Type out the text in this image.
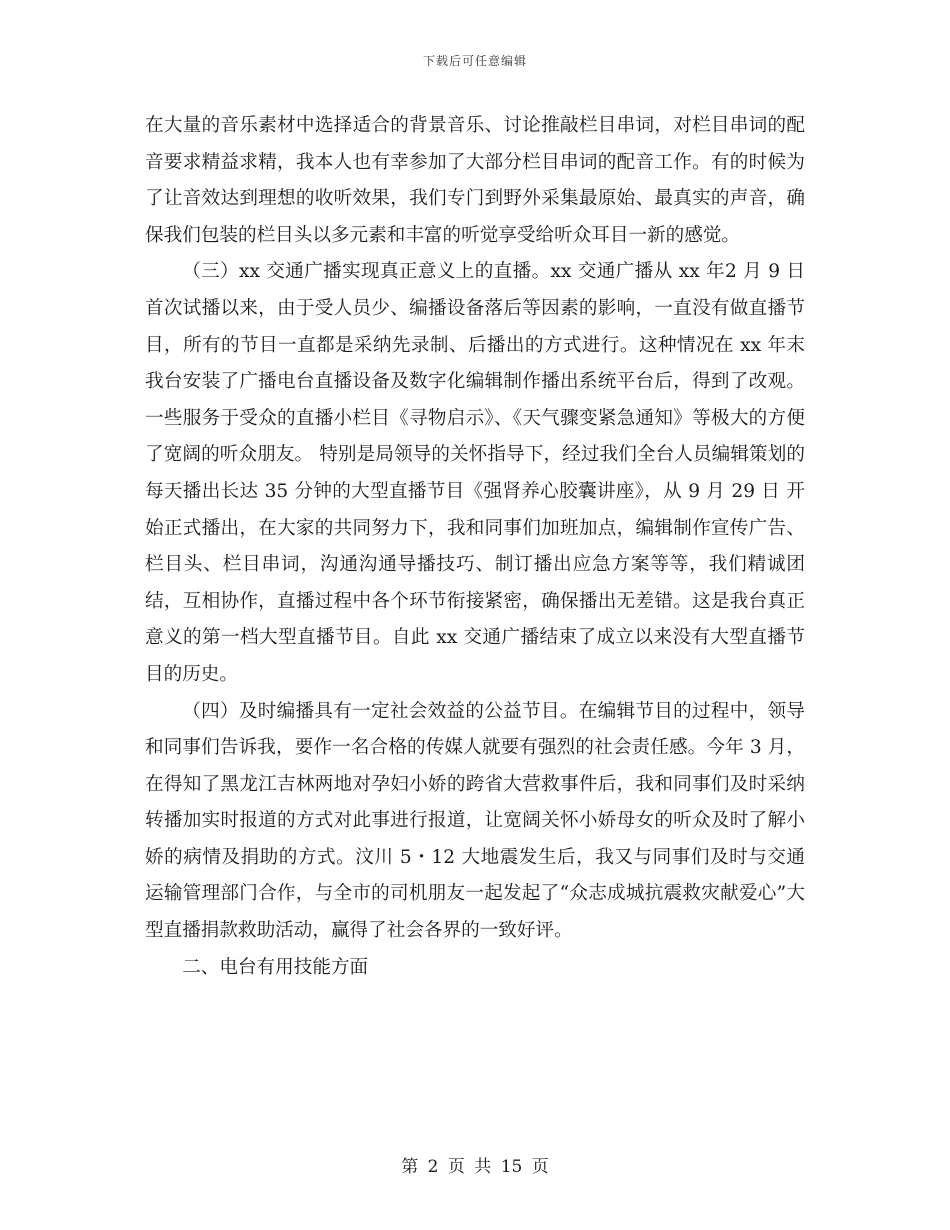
下载后可任意编辑

在大量的音乐素材中选择适合的背景音乐、讨论推敲栏目串词，对栏目串词的配音要求精益求精，我本人也有幸参加了大部分栏目串词的配音工作。有的时候为了让音效达到理想的收听效果，我们专门到野外采集最原始、最真实的声音，确保我们包装的栏目头以多元素和丰富的听觉享受给听众耳目一新的感觉。

（三）xx 交通广播实现真正意义上的直播。xx 交通广播从 xx 年2 月 9 日 首次试播以来，由于受人员少、编播设备落后等因素的影响，一直没有做直播节目，所有的节目一直都是采纳先录制、后播出的方式进行。这种情况在 xx 年末我台安装了广播电台直播设备及数字化编辑制作播出系统平台后，得到了改观。一些服务于受众的直播小栏目《寻物启示》、《天气骤变紧急通知》等极大的方便了宽阔的听众朋友。 特别是局领导的关怀指导下，经过我们全台人员编辑策划的每天播出长达 35 分钟的大型直播节目《强肾养心胶囊讲座》，从 9 月 29 日 开始正式播出，在大家的共同努力下，我和同事们加班加点，编辑制作宣传广告、栏目头、栏目串词，沟通沟通导播技巧、制订播出应急方案等等，我们精诚团结，互相协作，直播过程中各个环节衔接紧密，确保播出无差错。这是我台真正意义的第一档大型直播节目。自此 xx 交通广播结束了成立以来没有大型直播节目的历史。

（四）及时编播具有一定社会效益的公益节目。在编辑节目的过程中，领导和同事们告诉我，要作一名合格的传媒人就要有强烈的社会责任感。今年 3 月，在得知了黑龙江吉林两地对孕妇小娇的跨省大营救事件后，我和同事们及时采纳转播加实时报道的方式对此事进行报道，让宽阔关怀小娇母女的听众及时了解小娇的病情及捐助的方式。汶川 5・12 大地震发生后，我又与同事们及时与交通运输管理部门合作，与全市的司机朋友一起发起了“众志成城抗震救灾献爱心”大型直播捐款救助活动，赢得了社会各界的一致好评。

二、电台有用技能方面

第 2 页 共 15 页
